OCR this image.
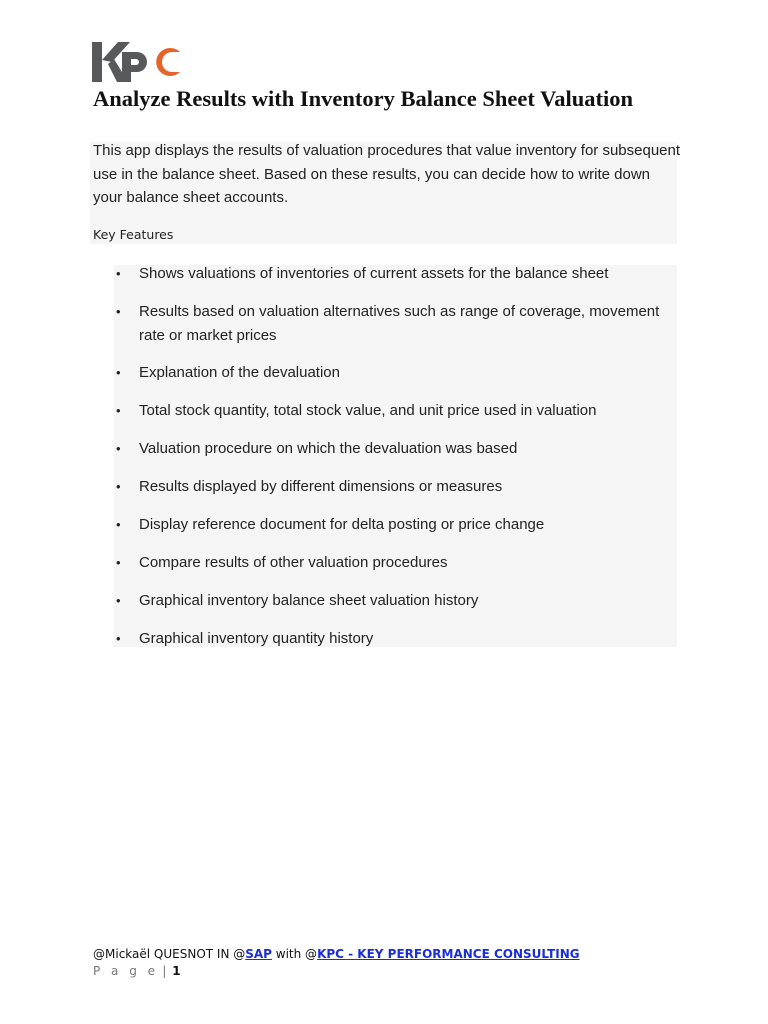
Analyze Results with Inventory Balance Sheet Valuation

This app displays the results of valuation procedures that value inventory for subsequent use in the balance sheet. Based on these results, you can decide how to write down your balance sheet accounts.

Key Features

• Shows valuations of inventories of current assets for the balance sheet
• Results based on valuation alternatives such as range of coverage, movement rate or market prices
• Explanation of the devaluation
• Total stock quantity, total stock value, and unit price used in valuation
• Valuation procedure on which the devaluation was based
• Results displayed by different dimensions or measures
• Display reference document for delta posting or price change
• Compare results of other valuation procedures
• Graphical inventory balance sheet valuation history
• Graphical inventory quantity history

@Mickaël QUESNOT IN @SAP with @KPC - KEY PERFORMANCE CONSULTING

P a g e | 1
